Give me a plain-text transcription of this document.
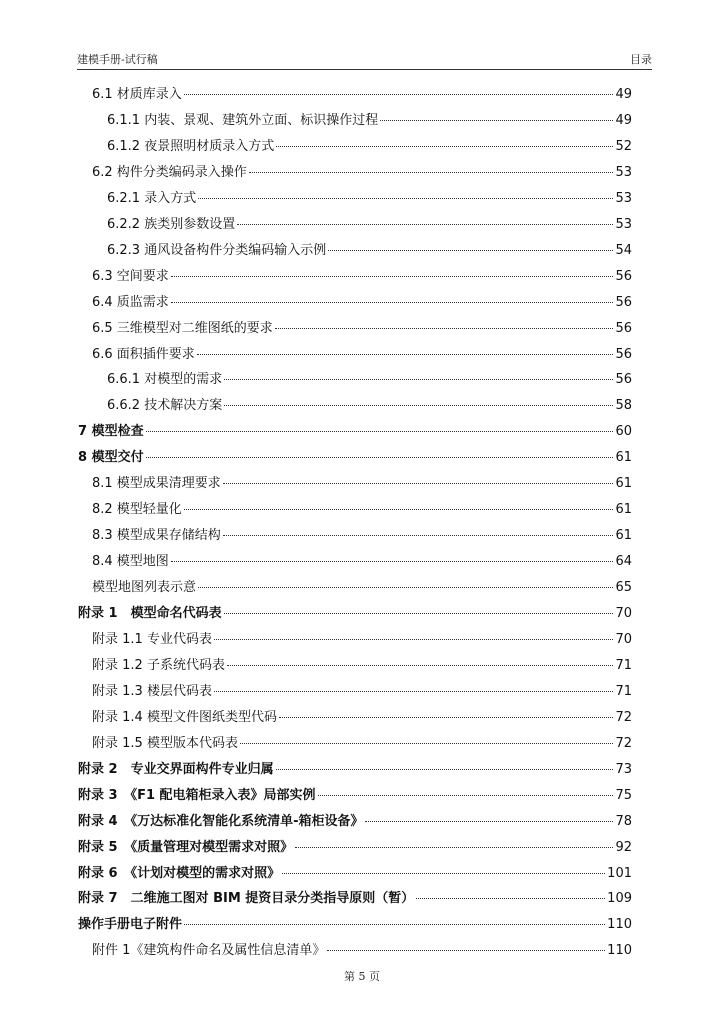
建模手册-试行稿	目录
6.1 材质库录入	49
6.1.1 内装、景观、建筑外立面、标识操作过程	49
6.1.2 夜景照明材质录入方式	52
6.2 构件分类编码录入操作	53
6.2.1 录入方式	53
6.2.2 族类别参数设置	53
6.2.3 通风设备构件分类编码输入示例	54
6.3 空间要求	56
6.4 质监需求	56
6.5 三维模型对二维图纸的要求	56
6.6 面积插件要求	56
6.6.1 对模型的需求	56
6.6.2 技术解决方案	58
7 模型检查	60
8 模型交付	61
8.1 模型成果清理要求	61
8.2 模型轻量化	61
8.3 模型成果存储结构	61
8.4 模型地图	64
模型地图列表示意	65
附录 1　模型命名代码表	70
附录 1.1 专业代码表	70
附录 1.2 子系统代码表	71
附录 1.3 楼层代码表	71
附录 1.4 模型文件图纸类型代码	72
附录 1.5 模型版本代码表	72
附录 2　专业交界面构件专业归属	73
附录 3　《F1 配电箱柜录入表》局部实例	75
附录 4　《万达标准化智能化系统清单-箱柜设备》	78
附录 5　《质量管理对模型需求对照》	92
附录 6　《计划对模型的需求对照》	101
附录 7　二维施工图对 BIM 提资目录分类指导原则（暂）	109
操作手册电子附件	110
附件 1《建筑构件命名及属性信息清单》	110
第 5 页
